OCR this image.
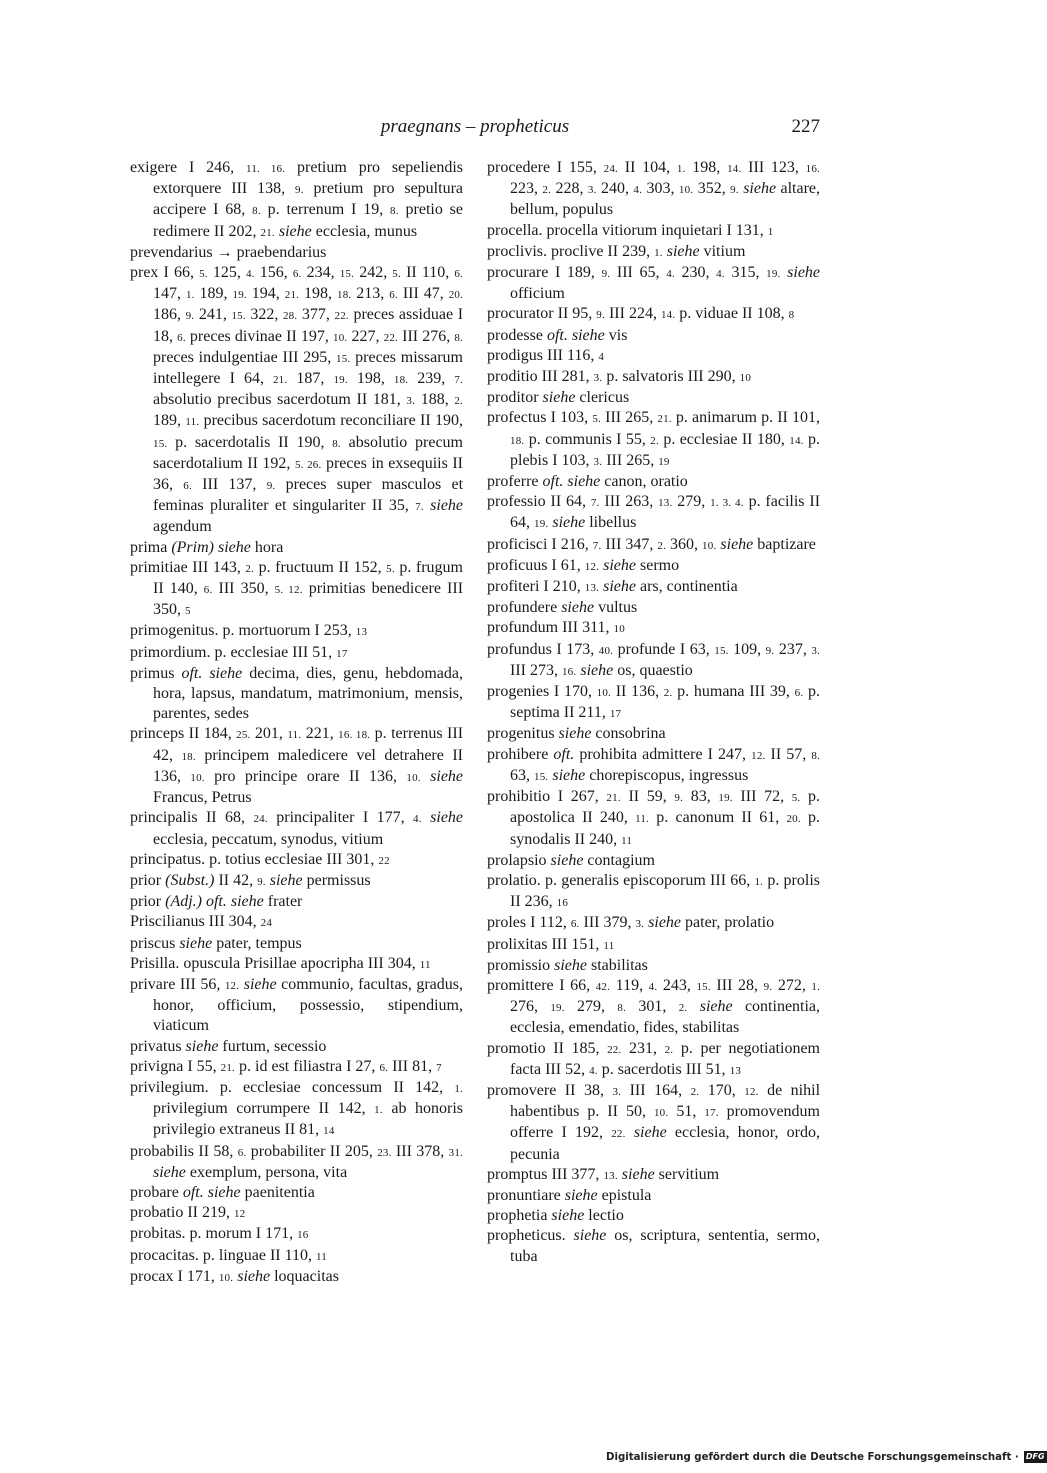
praegnans – propheticus	227

exigere I 246, 11. 16. pretium pro sepeliendis extorquere III 138, 9. pretium pro sepultura accipere I 68, 8. p. terrenum I 19, 8. pretio se redimere II 202, 21. siehe ecclesia, munus

prevendarius → praebendarius

prex I 66, 5. 125, 4. 156, 6. 234, 15. 242, 5. II 110, 6. 147, 1. 189, 19. 194, 21. 198, 18. 213, 6. III 47, 20. 186, 9. 241, 15. 322, 28. 377, 22. preces assiduae I 18, 6. preces divinae II 197, 10. 227, 22. III 276, 8. preces indulgentiae III 295, 15. preces missarum intellegere I 64, 21. 187, 19. 198, 18. 239, 7. absolutio precibus sacerdotum II 181, 3. 188, 2. 189, 11. precibus sacerdotum reconciliare II 190, 15. p. sacerdotalis II 190, 8. absolutio precum sacerdotalium II 192, 5. 26. preces in exsequiis II 36, 6. III 137, 9. preces super masculos et feminas pluraliter et singulariter II 35, 7. siehe agendum

prima (Prim) siehe hora

primitiae III 143, 2. p. fructuum II 152, 5. p. frugum II 140, 6. III 350, 5. 12. primitias benedicere III 350, 5

primogenitus. p. mortuorum I 253, 13

primordium. p. ecclesiae III 51, 17

primus oft. siehe decima, dies, genu, hebdomada, hora, lapsus, mandatum, matrimonium, mensis, parentes, sedes

princeps II 184, 25. 201, 11. 221, 16. 18. p. terrenus III 42, 18. principem maledicere vel detrahere II 136, 10. pro principe orare II 136, 10. siehe Francus, Petrus

principalis II 68, 24. principaliter I 177, 4. siehe ecclesia, peccatum, synodus, vitium

principatus. p. totius ecclesiae III 301, 22

prior (Subst.) II 42, 9. siehe permissus

prior (Adj.) oft. siehe frater

Priscilianus III 304, 24

priscus siehe pater, tempus

Prisilla. opuscula Prisillae apocripha III 304, 11

privare III 56, 12. siehe communio, facultas, gradus, honor, officium, possessio, stipendium, viaticum

privatus siehe furtum, secessio

privigna I 55, 21. p. id est filiastra I 27, 6. III 81, 7

privilegium. p. ecclesiae concessum II 142, 1. privilegium corrumpere II 142, 1. ab honoris privilegio extraneus II 81, 14

probabilis II 58, 6. probabiliter II 205, 23. III 378, 31. siehe exemplum, persona, vita

probare oft. siehe paenitentia

probatio II 219, 12

probitas. p. morum I 171, 16

procacitas. p. linguae II 110, 11

procax I 171, 10. siehe loquacitas

procedere I 155, 24. II 104, 1. 198, 14. III 123, 16. 223, 2. 228, 3. 240, 4. 303, 10. 352, 9. siehe altare, bellum, populus

procella. procella vitiorum inquietari I 131, 1

proclivis. proclive II 239, 1. siehe vitium

procurare I 189, 9. III 65, 4. 230, 4. 315, 19. siehe officium

procurator II 95, 9. III 224, 14. p. viduae II 108, 8

prodesse oft. siehe vis

prodigus III 116, 4

proditio III 281, 3. p. salvatoris III 290, 10

proditor siehe clericus

profectus I 103, 5. III 265, 21. p. animarum p. II 101, 18. p. communis I 55, 2. p. ecclesiae II 180, 14. p. plebis I 103, 3. III 265, 19

proferre oft. siehe canon, oratio

professio II 64, 7. III 263, 13. 279, 1. 3. 4. p. facilis II 64, 19. siehe libellus

proficisci I 216, 7. III 347, 2. 360, 10. siehe baptizare

proficuus I 61, 12. siehe sermo

profiteri I 210, 13. siehe ars, continentia

profundere siehe vultus

profundum III 311, 10

profundus I 173, 40. profunde I 63, 15. 109, 9. 237, 3. III 273, 16. siehe os, quaestio

progenies I 170, 10. II 136, 2. p. humana III 39, 6. p. septima II 211, 17

progenitus siehe consobrina

prohibere oft. prohibita admittere I 247, 12. II 57, 8. 63, 15. siehe chorepiscopus, ingressus

prohibitio I 267, 21. II 59, 9. 83, 19. III 72, 5. p. apostolica II 240, 11. p. canonum II 61, 20. p. synodalis II 240, 11

prolapsio siehe contagium

prolatio. p. generalis episcoporum III 66, 1. p. prolis II 236, 16

proles I 112, 6. III 379, 3. siehe pater, prolatio

prolixitas III 151, 11

promissio siehe stabilitas

promittere I 66, 42. 119, 4. 243, 15. III 28, 9. 272, 1. 276, 19. 279, 8. 301, 2. siehe continentia, ecclesia, emendatio, fides, stabilitas

promotio II 185, 22. 231, 2. p. per negotiationem facta III 52, 4. p. sacerdotis III 51, 13

promovere II 38, 3. III 164, 2. 170, 12. de nihil habentibus p. II 50, 10. 51, 17. promovendum offerre I 192, 22. siehe ecclesia, honor, ordo, pecunia

promptus III 377, 13. siehe servitium

pronuntiare siehe epistula

prophetia siehe lectio

propheticus. siehe os, scriptura, sententia, sermo, tuba

Digitalisierung gefördert durch die Deutsche Forschungsgemeinschaft · DFG
